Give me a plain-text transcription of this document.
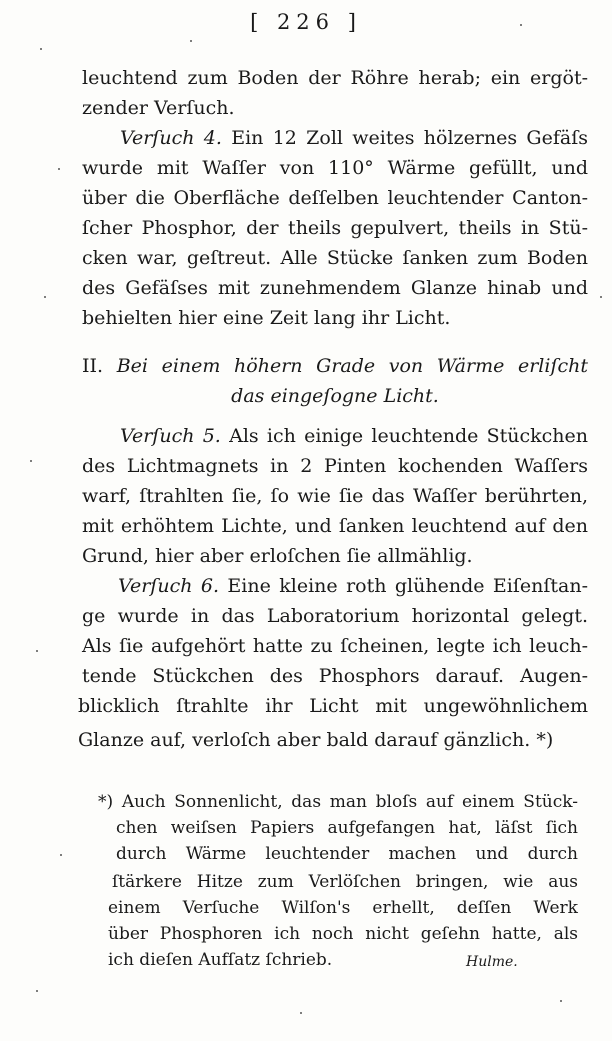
[ 226 ]
leuchtend zum Boden der Röhre herab; ein ergöt-
zender Verſuch.
Verſuch 4. Ein 12 Zoll weites hölzernes Gefäſs
wurde mit Waſſer von 110° Wärme gefüllt, und
über die Oberfläche deſſelben leuchtender Canton-
ſcher Phosphor, der theils gepulvert, theils in Stü-
cken war, geſtreut. Alle Stücke ſanken zum Boden
des Gefäſses mit zunehmendem Glanze hinab und
behielten hier eine Zeit lang ihr Licht.
II. Bei einem höhern Grade von Wärme erliſcht
das eingeſogne Licht.
Verſuch 5. Als ich einige leuchtende Stückchen
des Lichtmagnets in 2 Pinten kochenden Waſſers
warf, ſtrahlten ſie, ſo wie ſie das Waſſer berührten,
mit erhöhtem Lichte, und ſanken leuchtend auf den
Grund, hier aber erloſchen ſie allmählig.
Verſuch 6. Eine kleine roth glühende Eiſenſtan-
ge wurde in das Laboratorium horizontal gelegt.
Als ſie aufgehört hatte zu ſcheinen, legte ich leuch-
tende Stückchen des Phosphors darauf. Augen-
blicklich ſtrahlte ihr Licht mit ungewöhnlichem
Glanze auf, verloſch aber bald darauf gänzlich. *)
*) Auch Sonnenlicht, das man bloſs auf einem Stück-
chen weiſsen Papiers aufgefangen hat, läſst ſich
durch Wärme leuchtender machen und durch
ſtärkere Hitze zum Verlöſchen bringen, wie aus
einem Verſuche Wilſon's erhellt, deſſen Werk
über Phosphoren ich noch nicht geſehn hatte, als
ich dieſen Aufſatz ſchrieb.	Hulme.
